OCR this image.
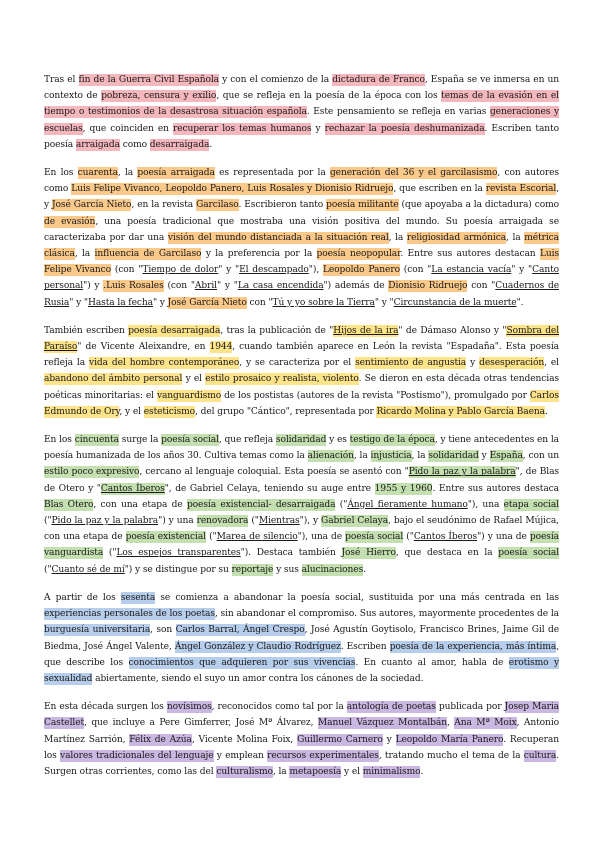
Tras el fin de la Guerra Civil Española y con el comienzo de la dictadura de Franco, España se ve inmersa en un contexto de pobreza, censura y exilio, que se refleja en la poesía de la época con los temas de la evasión en el tiempo o testimonios de la desastrosa situación española. Este pensamiento se refleja en varias generaciones y escuelas, que coinciden en recuperar los temas humanos y rechazar la poesía deshumanizada. Escriben tanto poesía arraigada como desarraigada.

En los cuarenta, la poesía arraigada es representada por la generación del 36 y el garcilasismo, con autores como Luis Felipe Vivanco, Leopoldo Panero, Luis Rosales y Dionisio Ridruejo, que escriben en la revista Escorial, y José García Nieto, en la revista Garcilaso. Escribieron tanto poesía militante (que apoyaba a la dictadura) como de evasión, una poesía tradicional que mostraba una visión positiva del mundo. Su poesía arraigada se caracterizaba por dar una visión del mundo distanciada a la situación real, la religiosidad armónica, la métrica clásica, la influencia de Garcilaso y la preferencia por la poesía neopopular. Entre sus autores destacan Luis Felipe Vivanco (con "Tiempo de dolor" y "El descampado"), Leopoldo Panero (con "La estancia vacía" y "Canto personal") y .Luis Rosales (con "Abril" y "La casa encendida") además de Dionisio Ridruejo con "Cuadernos de Rusia" y "Hasta la fecha" y José García Nieto con "Tú y yo sobre la Tierra" y "Circunstancia de la muerte".

También escriben poesía desarraigada, tras la publicación de "Hijos de la ira" de Dámaso Alonso y "Sombra del Paraíso" de Vicente Aleixandre, en 1944, cuando también aparece en León la revista "Espadaña". Esta poesía refleja la vida del hombre contemporáneo, y se caracteriza por el sentimiento de angustia y desesperación, el abandono del ámbito personal y el estilo prosaico y realista, violento. Se dieron en esta década otras tendencias poéticas minoritarias: el vanguardismo de los postistas (autores de la revista "Postismo"), promulgado por Carlos Edmundo de Ory, y el esteticismo, del grupo "Cántico", representada por Ricardo Molina y Pablo García Baena.

En los cincuenta surge la poesía social, que refleja solidaridad y es testigo de la época, y tiene antecedentes en la poesía humanizada de los años 30. Cultiva temas como la alienación, la injusticia, la solidaridad y España, con un estilo poco expresivo, cercano al lenguaje coloquial. Esta poesía se asentó con "Pido la paz y la palabra", de Blas de Otero y "Cantos Íberos", de Gabriel Celaya, teniendo su auge entre 1955 y 1960. Entre sus autores destaca Blas Otero, con una etapa de poesía existencial- desarraigada ("Ángel fieramente humano"), una etapa social ("Pido la paz y la palabra") y una renovadora ("Mientras"), y Gabriel Celaya, bajo el seudónimo de Rafael Mújica, con una etapa de poesía existencial ("Marea de silencio"), una de poesía social ("Cantos Íberos") y una de poesía vanguardista ("Los espejos transparentes"). Destaca también José Hierro, que destaca en la poesía social ("Cuanto sé de mí") y se distingue por su reportaje y sus alucinaciones.

A partir de los sesenta se comienza a abandonar la poesía social, sustituida por una más centrada en las experiencias personales de los poetas, sin abandonar el compromiso. Sus autores, mayormente procedentes de la burguesía universitaria, son Carlos Barral, Ángel Crespo, José Agustín Goytisolo, Francisco Brines, Jaime Gil de Biedma, José Ángel Valente, Ángel González y Claudio Rodríguez. Escriben poesía de la experiencia, más íntima, que describe los conocimientos que adquieren por sus vivencias. En cuanto al amor, habla de erotismo y sexualidad abiertamente, siendo el suyo un amor contra los cánones de la sociedad.

En esta década surgen los novísimos, reconocidos como tal por la antología de poetas publicada por Josep Maria Castellet, que incluye a Pere Gimferrer, José Mª Álvarez, Manuel Vázquez Montalbán, Ana Mª Moix, Antonio Martínez Sarrión, Félix de Azúa, Vicente Molina Foix, Guillermo Carnero y Leopoldo María Panero. Recuperan los valores tradicionales del lenguaje y emplean recursos experimentales, tratando mucho el tema de la cultura. Surgen otras corrientes, como las del culturalismo, la metapoesía y el minimalismo.
